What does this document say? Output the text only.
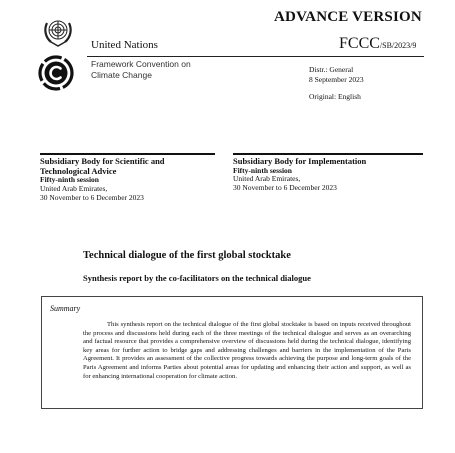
ADVANCE VERSION
United Nations	FCCC/SB/2023/9
Framework Convention on
Climate Change
Distr.: General
8 September 2023
Original: English
Subsidiary Body for Scientific and
Technological Advice
Fifty-ninth session
United Arab Emirates,
30 November to 6 December 2023
Subsidiary Body for Implementation
Fifty-ninth session
United Arab Emirates,
30 November to 6 December 2023
Technical dialogue of the first global stocktake
Synthesis report by the co-facilitators on the technical dialogue
Summary

This synthesis report on the technical dialogue of the first global stocktake is based on inputs received throughout the process and discussions held during each of the three meetings of the technical dialogue and serves as an overarching and factual resource that provides a comprehensive overview of discussions held during the technical dialogue, identifying key areas for further action to bridge gaps and addressing challenges and barriers in the implementation of the Paris Agreement. It provides an assessment of the collective progress towards achieving the purpose and long-term goals of the Paris Agreement and informs Parties about potential areas for updating and enhancing their action and support, as well as for enhancing international cooperation for climate action.
